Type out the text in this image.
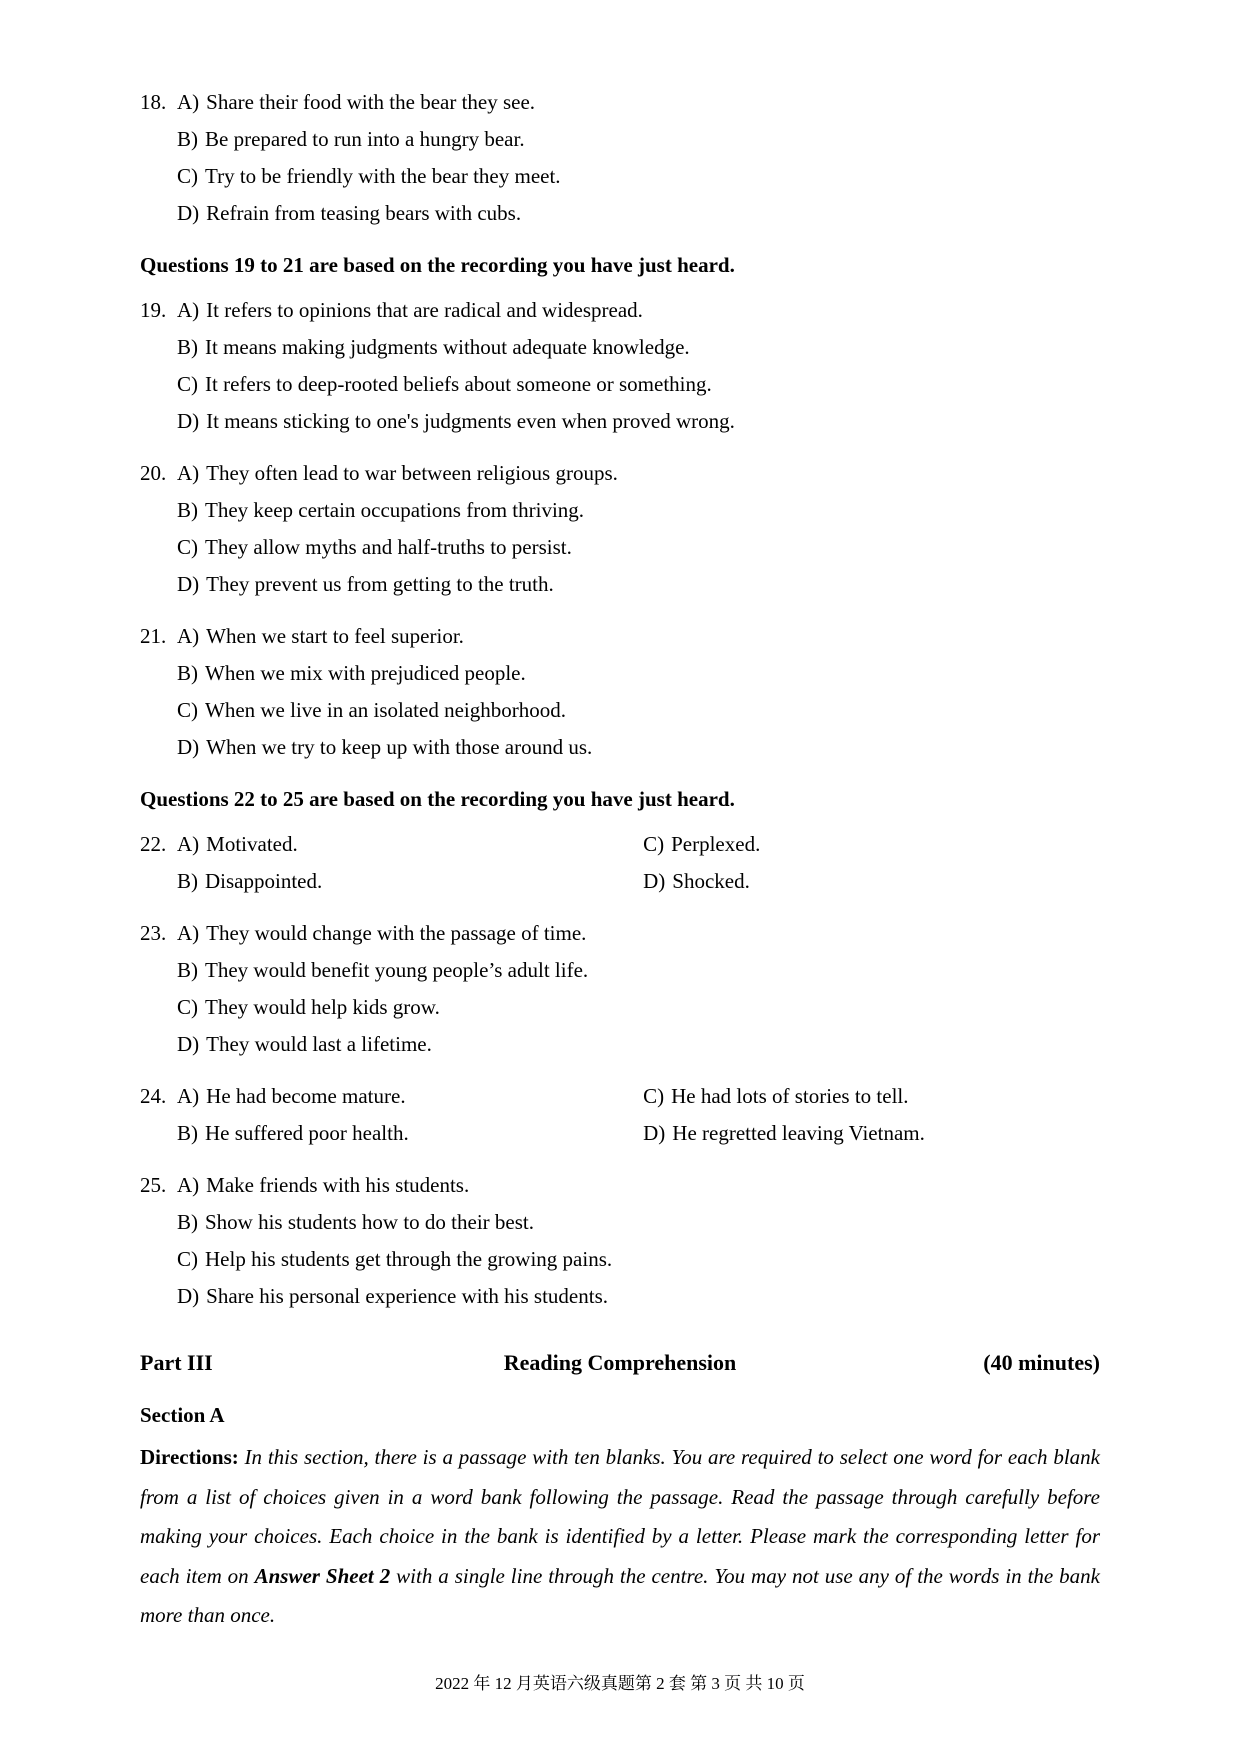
18. A) Share their food with the bear they see.
B) Be prepared to run into a hungry bear.
C) Try to be friendly with the bear they meet.
D) Refrain from teasing bears with cubs.
Questions 19 to 21 are based on the recording you have just heard.
19. A) It refers to opinions that are radical and widespread.
B) It means making judgments without adequate knowledge.
C) It refers to deep-rooted beliefs about someone or something.
D) It means sticking to one's judgments even when proved wrong.
20. A) They often lead to war between religious groups.
B) They keep certain occupations from thriving.
C) They allow myths and half-truths to persist.
D) They prevent us from getting to the truth.
21. A) When we start to feel superior.
B) When we mix with prejudiced people.
C) When we live in an isolated neighborhood.
D) When we try to keep up with those around us.
Questions 22 to 25 are based on the recording you have just heard.
22. A) Motivated.	C) Perplexed.
B) Disappointed.	D) Shocked.
23. A) They would change with the passage of time.
B) They would benefit young people’s adult life.
C) They would help kids grow.
D) They would last a lifetime.
24. A) He had become mature.	C) He had lots of stories to tell.
B) He suffered poor health.	D) He regretted leaving Vietnam.
25. A) Make friends with his students.
B) Show his students how to do their best.
C) Help his students get through the growing pains.
D) Share his personal experience with his students.
Part III	Reading Comprehension	(40 minutes)
Section A

Directions: In this section, there is a passage with ten blanks. You are required to select one word for each blank from a list of choices given in a word bank following the passage. Read the passage through carefully before making your choices. Each choice in the bank is identified by a letter. Please mark the corresponding letter for each item on Answer Sheet 2 with a single line through the centre. You may not use any of the words in the bank more than once.

2022 年 12 月英语六级真题第 2 套 第 3 页 共 10 页
